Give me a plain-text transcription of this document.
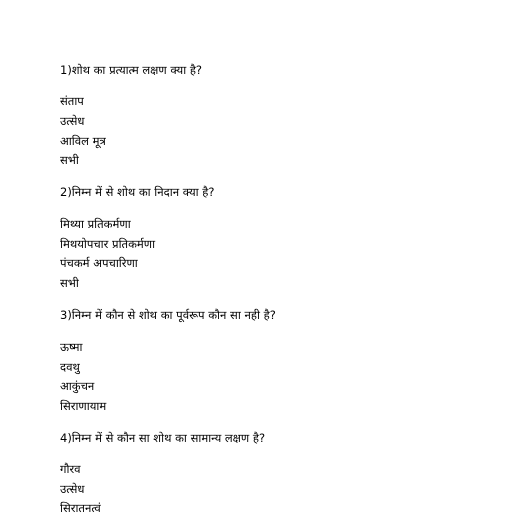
1)शोथ का प्रत्यात्म लक्षण क्या है?
संताप
उत्सेध
आविल मूत्र
सभी
2)निम्न में से शोथ का निदान क्या है?
मिथ्या प्रतिकर्मणा
मिथयोपचार प्रतिकर्मणा
पंचकर्म अपचारिणा
सभी
3)निम्न में कौन से शोथ का पूर्वरूप कौन सा नही है?
ऊष्मा
दवथु
आकुंचन
सिराणायाम
4)निम्न में से कौन सा शोथ का सामान्य लक्षण है?
गौरव
उत्सेध
सिरातनत्वं
